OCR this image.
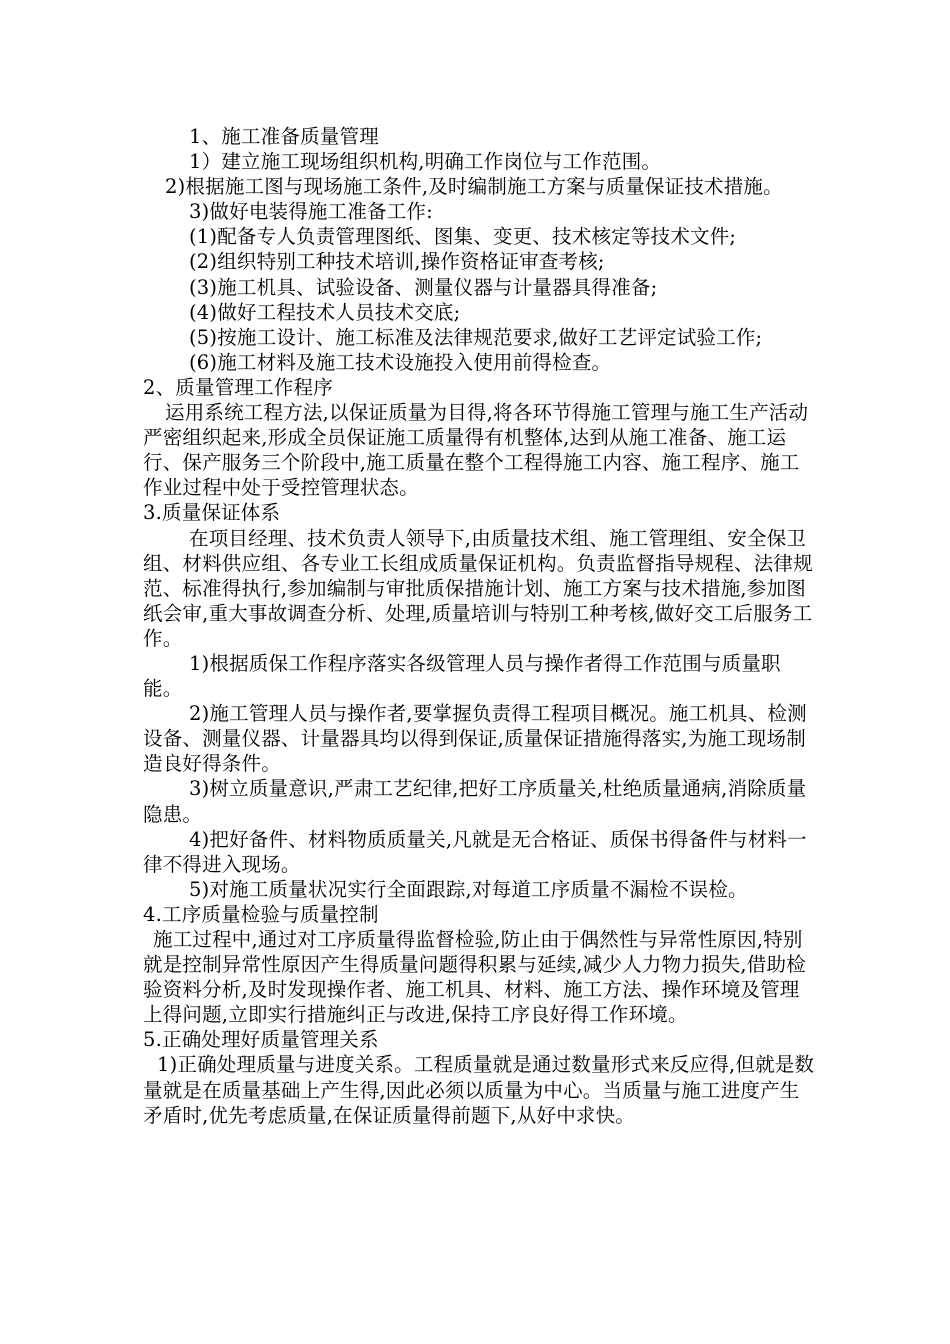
1、施工准备质量管理

1）建立施工现场组织机构,明确工作岗位与工作范围。

2)根据施工图与现场施工条件,及时编制施工方案与质量保证技术措施。

3)做好电装得施工准备工作:

(1)配备专人负责管理图纸、图集、变更、技术核定等技术文件;

(2)组织特别工种技术培训,操作资格证审查考核;

(3)施工机具、试验设备、测量仪器与计量器具得准备;

(4)做好工程技术人员技术交底;

(5)按施工设计、施工标准及法律规范要求,做好工艺评定试验工作;

(6)施工材料及施工技术设施投入使用前得检查。

2、质量管理工作程序

运用系统工程方法,以保证质量为目得,将各环节得施工管理与施工生产活动严密组织起来,形成全员保证施工质量得有机整体,达到从施工准备、施工运行、保产服务三个阶段中,施工质量在整个工程得施工内容、施工程序、施工作业过程中处于受控管理状态。

3.质量保证体系

在项目经理、技术负责人领导下,由质量技术组、施工管理组、安全保卫组、材料供应组、各专业工长组成质量保证机构。负责监督指导规程、法律规范、标准得执行,参加编制与审批质保措施计划、施工方案与技术措施,参加图纸会审,重大事故调查分析、处理,质量培训与特别工种考核,做好交工后服务工作。

1)根据质保工作程序落实各级管理人员与操作者得工作范围与质量职能。

2)施工管理人员与操作者,要掌握负责得工程项目概况。施工机具、检测设备、测量仪器、计量器具均以得到保证,质量保证措施得落实,为施工现场制造良好得条件。

3)树立质量意识,严肃工艺纪律,把好工序质量关,杜绝质量通病,消除质量隐患。

4)把好备件、材料物质质量关,凡就是无合格证、质保书得备件与材料一律不得进入现场。

5)对施工质量状况实行全面跟踪,对每道工序质量不漏检不误检。

4.工序质量检验与质量控制

施工过程中,通过对工序质量得监督检验,防止由于偶然性与异常性原因,特别就是控制异常性原因产生得质量问题得积累与延续,减少人力物力损失,借助检验资料分析,及时发现操作者、施工机具、材料、施工方法、操作环境及管理上得问题,立即实行措施纠正与改进,保持工序良好得工作环境。

5.正确处理好质量管理关系

1)正确处理质量与进度关系。工程质量就是通过数量形式来反应得,但就是数量就是在质量基础上产生得,因此必须以质量为中心。当质量与施工进度产生矛盾时,优先考虑质量,在保证质量得前题下,从好中求快。
